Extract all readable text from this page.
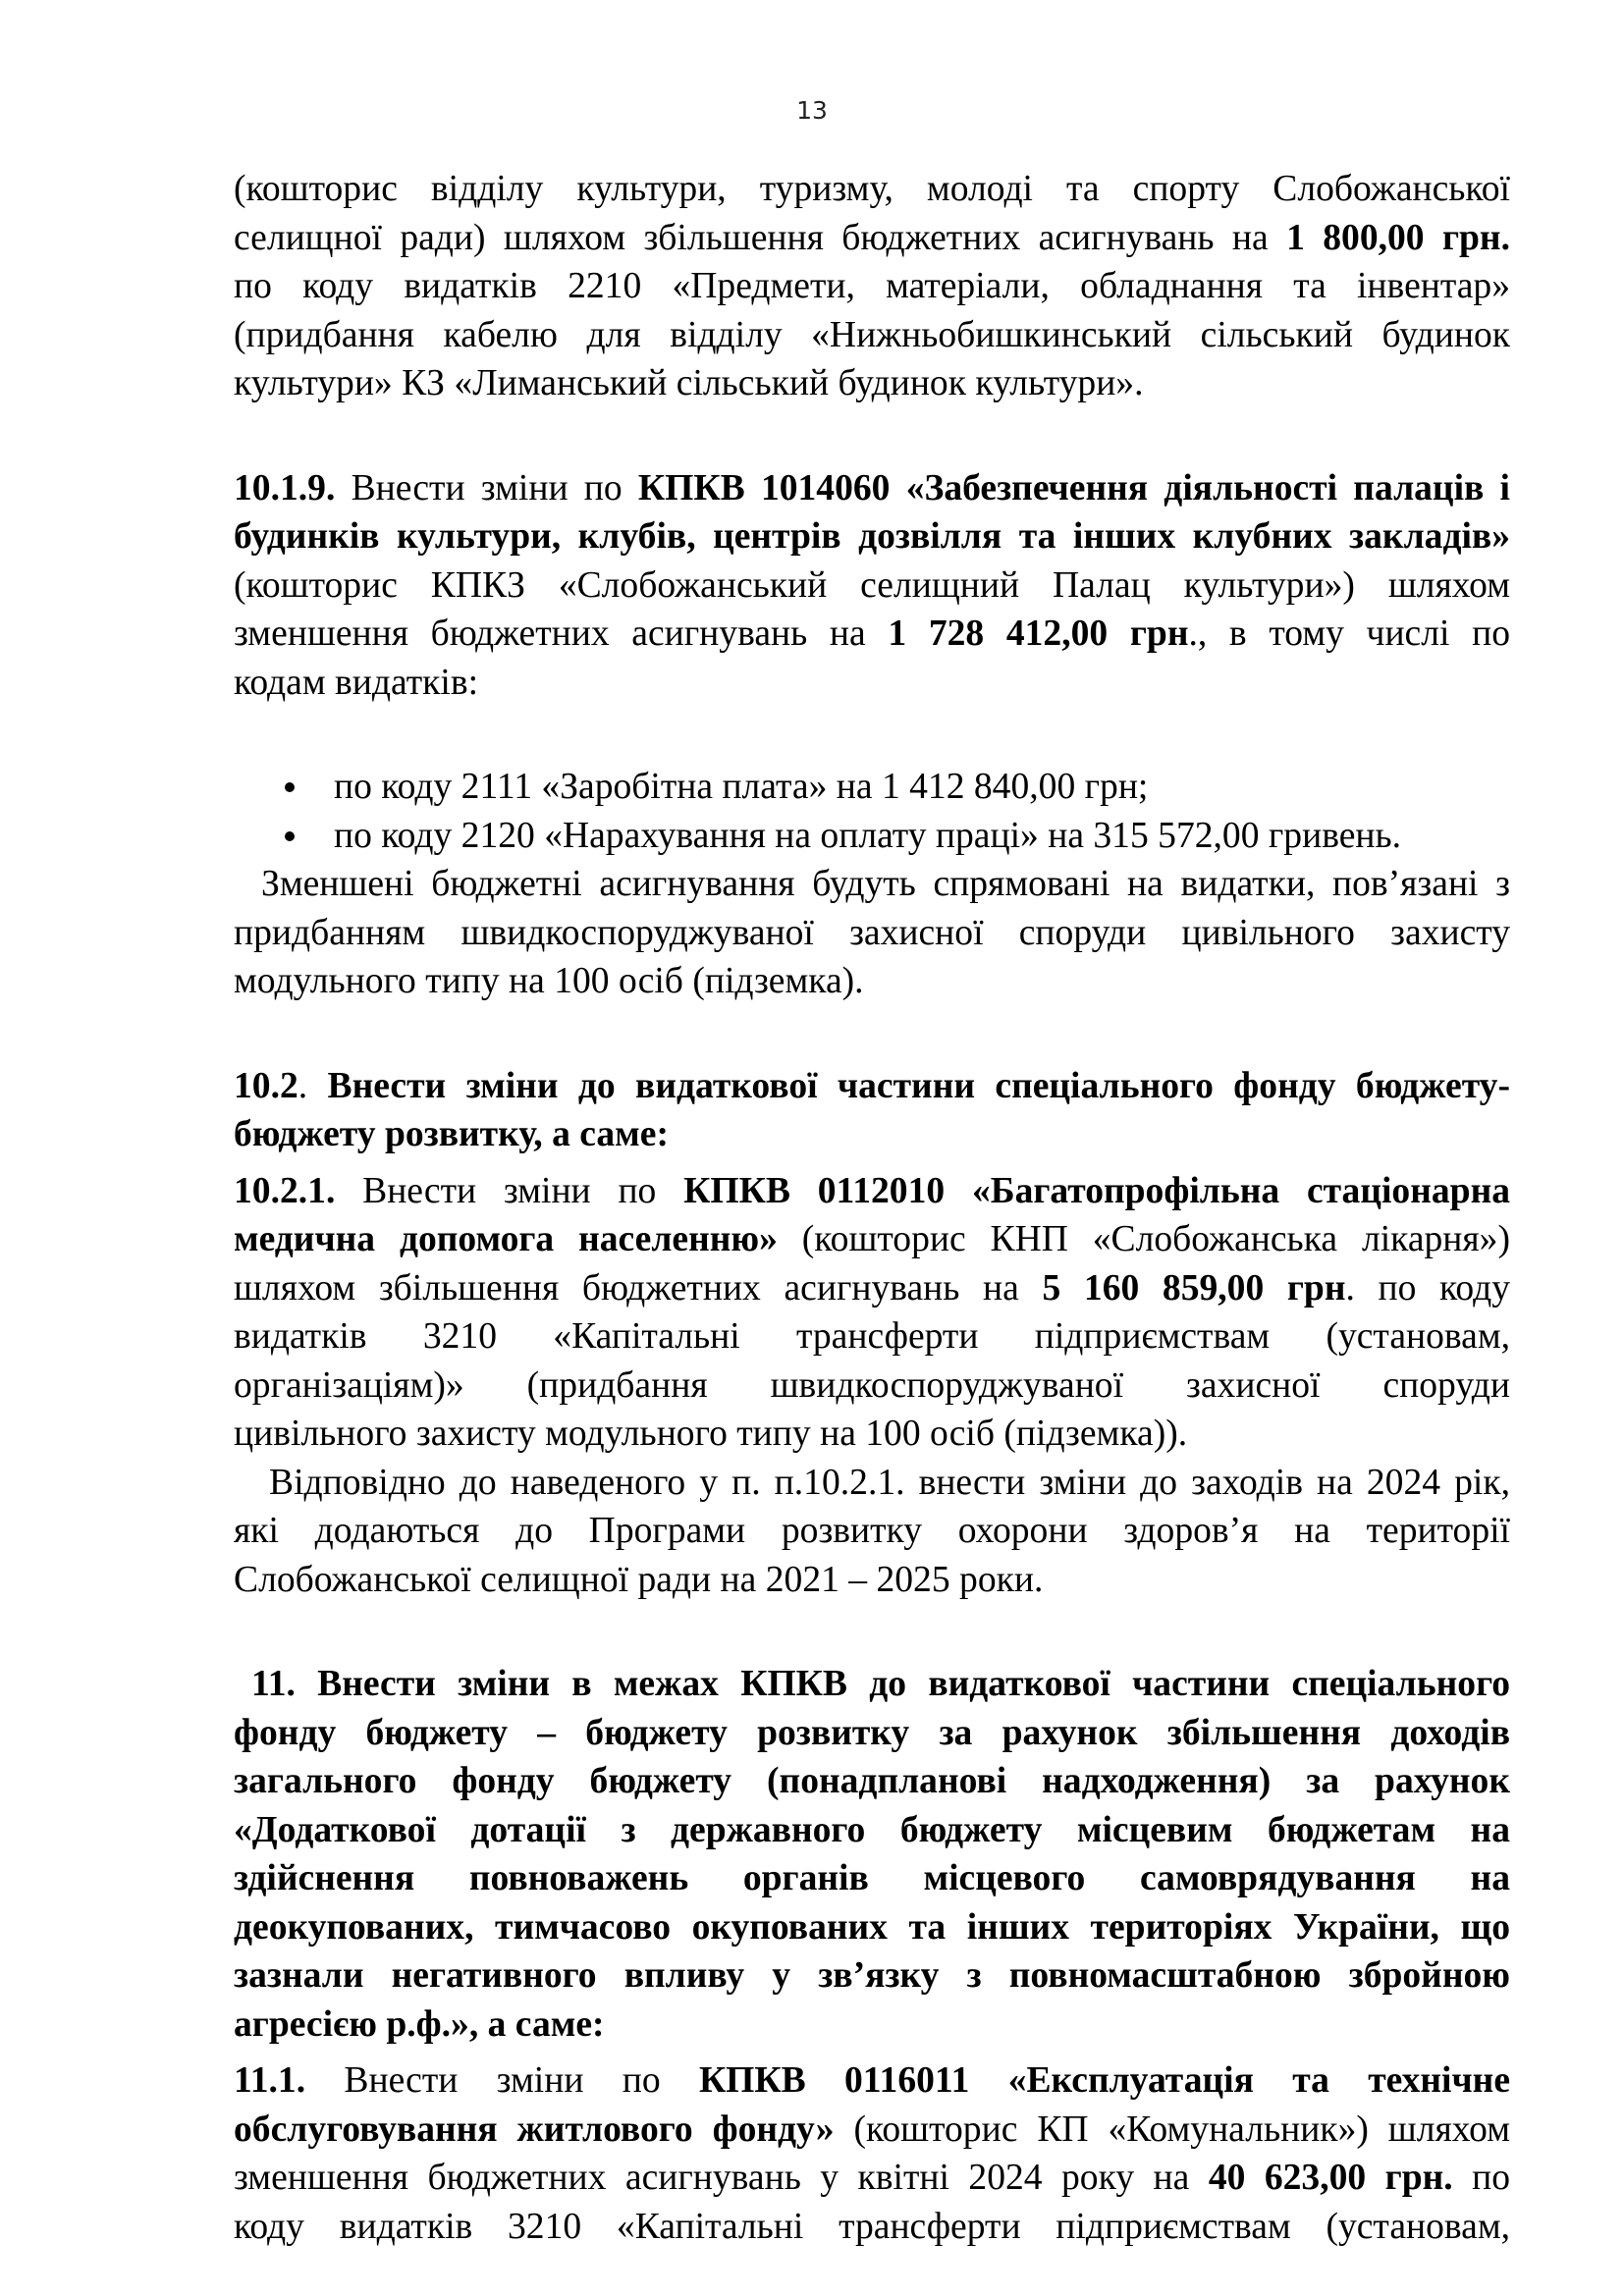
13
(кошторис відділу культури, туризму, молоді та спорту Слобожанської
селищної ради) шляхом збільшення бюджетних асигнувань на 1 800,00 грн.
по коду видатків 2210 «Предмети, матеріали, обладнання та інвентар»
(придбання кабелю для відділу «Нижньобишкинський сільський будинок
культури» КЗ «Лиманський сільський будинок культури».
10.1.9. Внести зміни по КПКВ 1014060 «Забезпечення діяльності палаців і
будинків культури, клубів, центрів дозвілля та інших клубних закладів»
(кошторис КПКЗ «Слобожанський селищний Палац культури») шляхом
зменшення бюджетних асигнувань на 1 728 412,00 грн., в тому числі по
кодам видатків:
по коду 2111 «Заробітна плата» на 1 412 840,00 грн;
по коду 2120 «Нарахування на оплату праці» на 315 572,00 гривень.
Зменшені бюджетні асигнування будуть спрямовані на видатки, пов’язані з
придбанням швидкоспоруджуваної захисної споруди цивільного захисту
модульного типу на 100 осіб (підземка).
10.2. Внести зміни до видаткової частини спеціального фонду бюджету-
бюджету розвитку, а саме:
10.2.1. Внести зміни по КПКВ 0112010 «Багатопрофільна стаціонарна
медична допомога населенню» (кошторис КНП «Слобожанська лікарня»)
шляхом збільшення бюджетних асигнувань на 5 160 859,00 грн. по коду
видатків 3210 «Капітальні трансферти підприємствам (установам,
організаціям)» (придбання швидкоспоруджуваної захисної споруди
цивільного захисту модульного типу на 100 осіб (підземка)).
Відповідно до наведеного у п. п.10.2.1. внести зміни до заходів на 2024 рік,
які додаються до Програми розвитку охорони здоров’я на території
Слобожанської селищної ради на 2021 – 2025 роки.
11. Внести зміни в межах КПКВ до видаткової частини спеціального
фонду бюджету – бюджету розвитку за рахунок збільшення доходів
загального фонду бюджету (понадпланові надходження) за рахунок
«Додаткової дотації з державного бюджету місцевим бюджетам на
здійснення повноважень органів місцевого самоврядування на
деокупованих, тимчасово окупованих та інших територіях України, що
зазнали негативного впливу у зв’язку з повномасштабною збройною
агресією р.ф.», а саме:
11.1. Внести зміни по КПКВ 0116011 «Експлуатація та технічне
обслуговування житлового фонду» (кошторис КП «Комунальник») шляхом
зменшення бюджетних асигнувань у квітні 2024 року на 40 623,00 грн. по
коду видатків 3210 «Капітальні трансферти підприємствам (установам,
